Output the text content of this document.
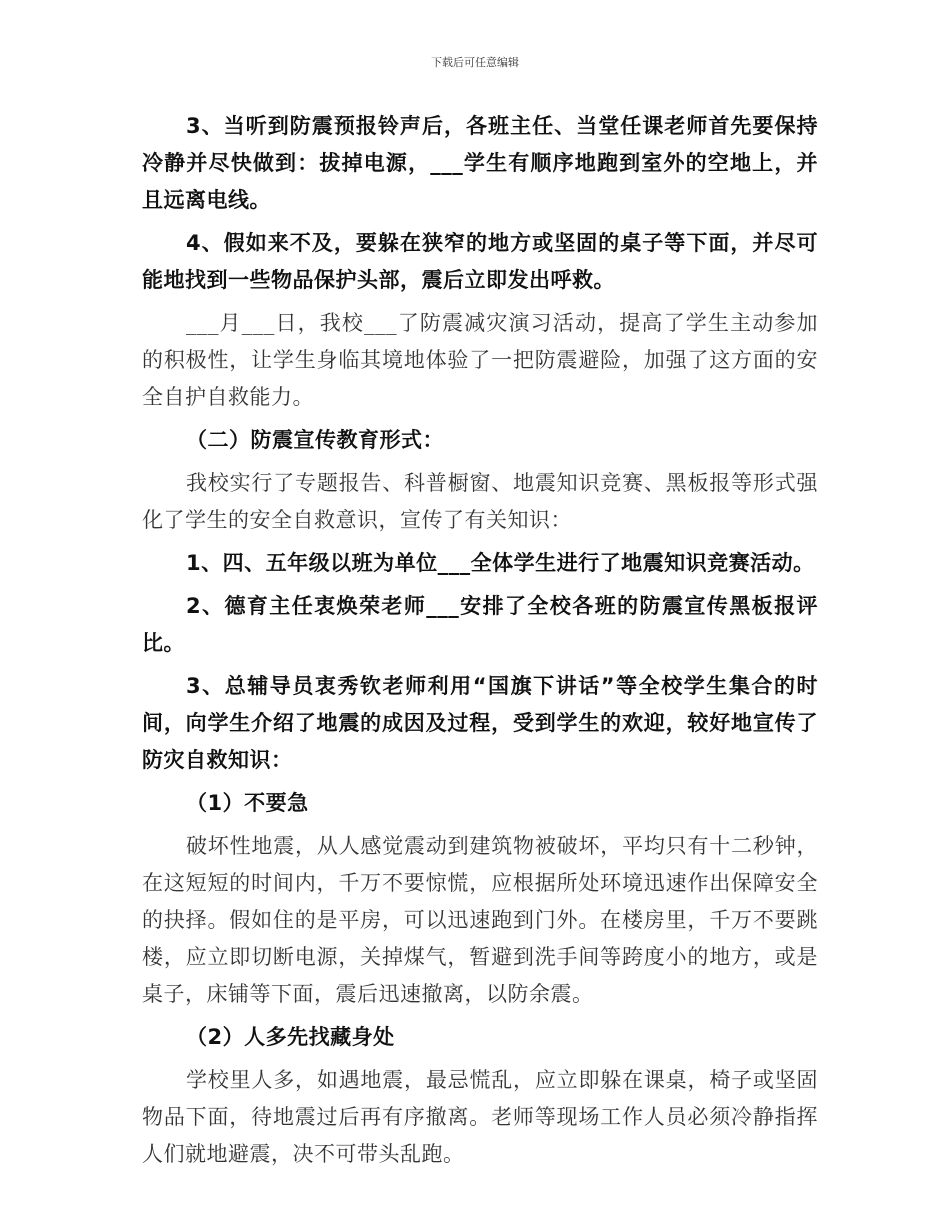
下载后可任意编辑

3、当听到防震预报铃声后，各班主任、当堂任课老师首先要保持冷静并尽快做到：拔掉电源，___学生有顺序地跑到室外的空地上，并且远离电线。

4、假如来不及，要躲在狭窄的地方或坚固的桌子等下面，并尽可能地找到一些物品保护头部，震后立即发出呼救。

___月___日，我校___了防震减灾演习活动，提高了学生主动参加的积极性，让学生身临其境地体验了一把防震避险，加强了这方面的安全自护自救能力。

（二）防震宣传教育形式：

我校实行了专题报告、科普橱窗、地震知识竞赛、黑板报等形式强化了学生的安全自救意识，宣传了有关知识：

1、四、五年级以班为单位___全体学生进行了地震知识竞赛活动。

2、德育主任衷焕荣老师___安排了全校各班的防震宣传黑板报评比。

3、总辅导员衷秀钦老师利用“国旗下讲话”等全校学生集合的时间，向学生介绍了地震的成因及过程，受到学生的欢迎，较好地宣传了防灾自救知识：

（1）不要急

破坏性地震，从人感觉震动到建筑物被破坏，平均只有十二秒钟，在这短短的时间内，千万不要惊慌，应根据所处环境迅速作出保障安全的抉择。假如住的是平房，可以迅速跑到门外。在楼房里，千万不要跳楼，应立即切断电源，关掉煤气，暂避到洗手间等跨度小的地方，或是桌子，床铺等下面，震后迅速撤离，以防余震。

（2）人多先找藏身处

学校里人多，如遇地震，最忌慌乱，应立即躲在课桌，椅子或坚固物品下面，待地震过后再有序撤离。老师等现场工作人员必须冷静指挥人们就地避震，决不可带头乱跑。
